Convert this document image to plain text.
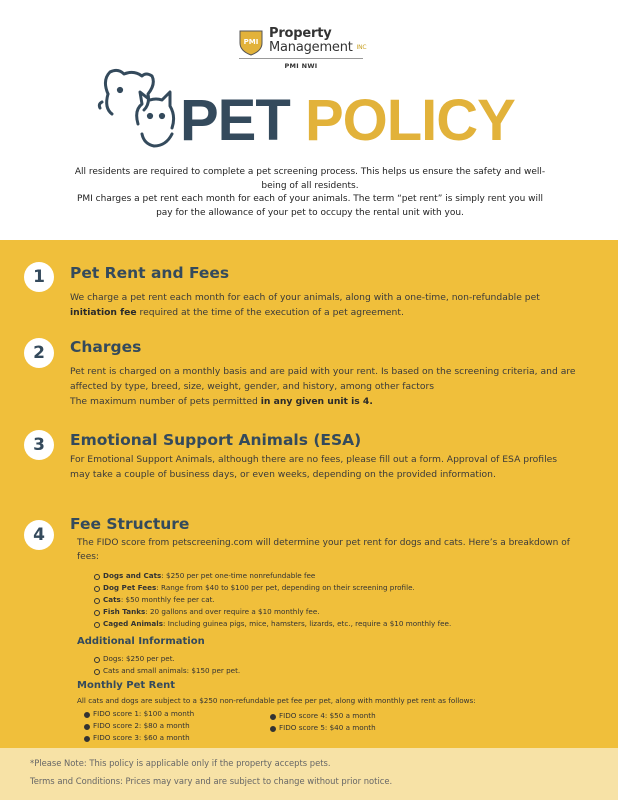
PMI
Property
Management INC
PMI NWI
PET POLICY
All residents are required to complete a pet screening process. This helps us ensure the safety and well-being of all residents.
PMI charges a pet rent each month for each of your animals. The term “pet rent” is simply rent you will pay for the allowance of your pet to occupy the rental unit with you.
1	Pet Rent and Fees
We charge a pet rent each month for each of your animals, along with a one-time, non-refundable pet initiation fee required at the time of the execution of a pet agreement.
2	Charges
Pet rent is charged on a monthly basis and are paid with your rent. Is based on the screening criteria, and are affected by type, breed, size, weight, gender, and history, among other factors
The maximum number of pets permitted in any given unit is 4.
3	Emotional Support Animals (ESA)
For Emotional Support Animals, although there are no fees, please fill out a form. Approval of ESA profiles may take a couple of business days, or even weeks, depending on the provided information.
4
Fee Structure
The FIDO score from petscreening.com will determine your pet rent for dogs and cats. Here’s a breakdown of fees:
Dogs and Cats: $250 per pet one-time nonrefundable fee
Dog Pet Fees: Range from $40 to $100 per pet, depending on their screening profile.
Cats: $50 monthly fee per cat.
Fish Tanks: 20 gallons and over require a $10 monthly fee.
Caged Animals: Including guinea pigs, mice, hamsters, lizards, etc., require a $10 monthly fee.
Additional Information
Dogs: $250 per pet.
Cats and small animals: $150 per pet.
Monthly Pet Rent
All cats and dogs are subject to a $250 non-refundable pet fee per pet, along with monthly pet rent as follows:
FIDO score 1: $100 a month
FIDO score 2: $80 a month
FIDO score 3: $60 a month
FIDO score 4: $50 a month
FIDO score 5: $40 a month

*Please Note: This policy is applicable only if the property accepts pets.

Terms and Conditions: Prices may vary and are subject to change without prior notice.
